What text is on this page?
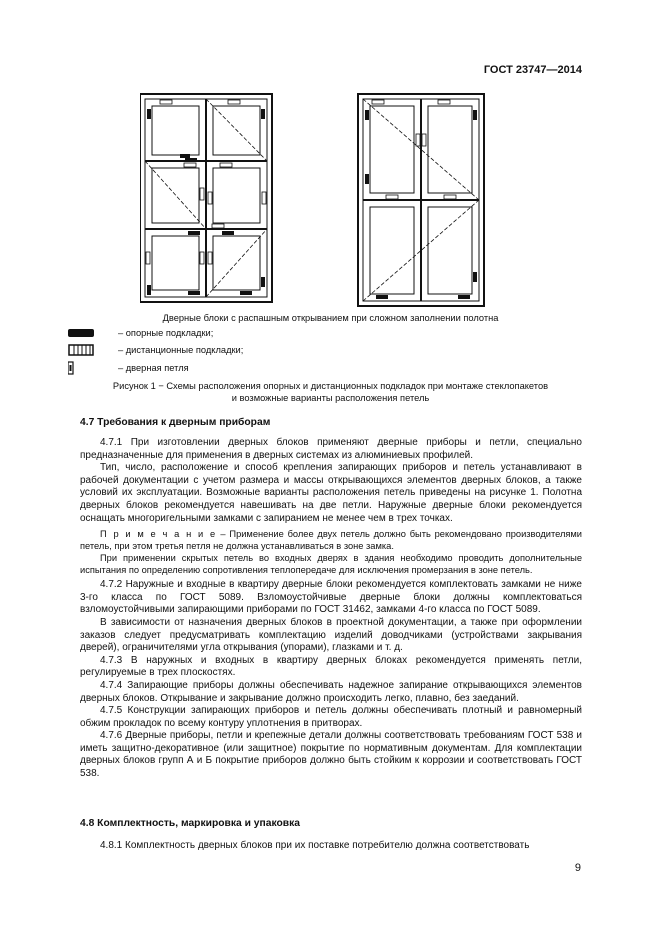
ГОСТ 23747—2014
Дверные блоки с распашным открыванием при сложном заполнении полотна
– опорные подкладки;
– дистанционные подкладки;
– дверная петля
Рисунок 1 − Схемы расположения опорных и дистанционных подкладок при монтаже стеклопакетов
и возможные варианты расположения петель
4.7 Требования к дверным приборам

4.7.1 При изготовлении дверных блоков применяют дверные приборы и петли, специально предназначенные для применения в дверных системах из алюминиевых профилей.

Тип, число, расположение и способ крепления запирающих приборов и петель устанавливают в рабочей документации с учетом размера и массы открывающихся элементов дверных блоков, а также условий их эксплуатации. Возможные варианты расположения петель приведены на рисунке 1. Полотна дверных блоков рекомендуется навешивать на две петли. Наружные дверные блоки рекомендуется оснащать многоригельными замками с запиранием не менее чем в трех точках.

П р и м е ч а н и е – Применение более двух петель должно быть рекомендовано производителями петель, при этом третья петля не должна устанавливаться в зоне замка.

При применении скрытых петель во входных дверях в здания необходимо проводить дополнительные испытания по определению сопротивления теплопередаче для исключения промерзания в зоне петель.

4.7.2 Наружные и входные в квартиру дверные блоки рекомендуется комплектовать замками не ниже 3-го класса по ГОСТ 5089. Взломоустойчивые дверные блоки должны комплектоваться взломоустойчивыми запирающими приборами по ГОСТ 31462, замками 4-го класса по ГОСТ 5089.

В зависимости от назначения дверных блоков в проектной документации, а также при оформлении заказов следует предусматривать комплектацию изделий доводчиками (устройствами закрывания дверей), ограничителями угла открывания (упорами), глазками и т. д.

4.7.3 В наружных и входных в квартиру дверных блоках рекомендуется применять петли, регулируемые в трех плоскостях.

4.7.4 Запирающие приборы должны обеспечивать надежное запирание открывающихся элементов дверных блоков. Открывание и закрывание должно происходить легко, плавно, без заеданий.

4.7.5 Конструкции запирающих приборов и петель должны обеспечивать плотный и равномерный обжим прокладок по всему контуру уплотнения в притворах.

4.7.6 Дверные приборы, петли и крепежные детали должны соответствовать требованиям ГОСТ 538 и иметь защитно-декоративное (или защитное) покрытие по нормативным документам. Для комплектации дверных блоков групп А и Б покрытие приборов должно быть стойким к коррозии и соответствовать ГОСТ 538.

4.8 Комплектность, маркировка и упаковка

4.8.1 Комплектность дверных блоков при их поставке потребителю должна соответствовать

9
